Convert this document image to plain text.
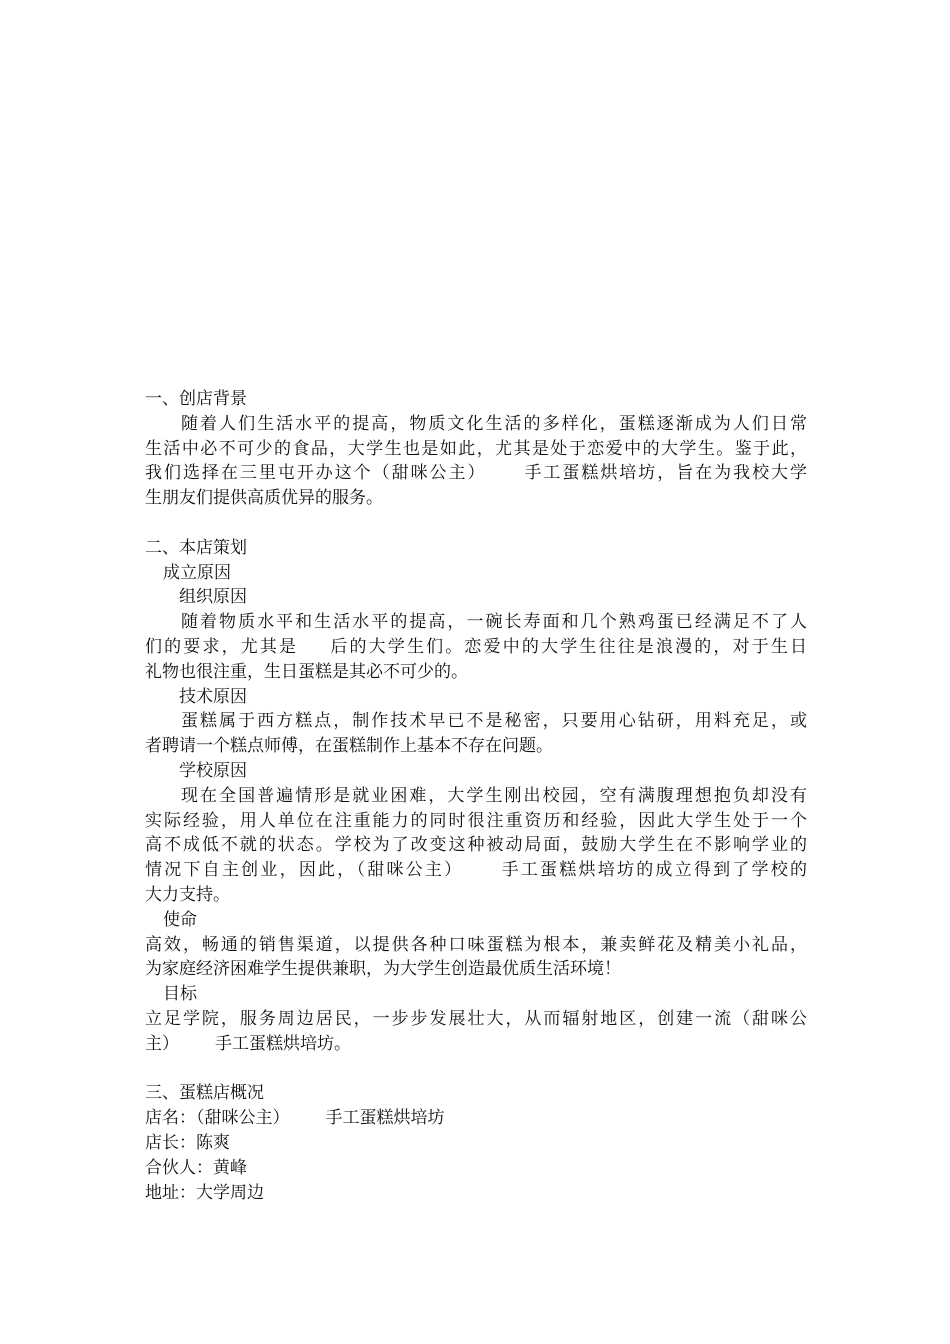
一、创店背景
随着人们生活水平的提高，物质文化生活的多样化，蛋糕逐渐成为人们日常
生活中必不可少的食品，大学生也是如此，尤其是处于恋爱中的大学生。鉴于此，
我们选择在三里屯开办这个（甜咪公主） 手工蛋糕烘培坊，旨在为我校大学
生朋友们提供高质优异的服务。
二、本店策划
成立原因
组织原因
随着物质水平和生活水平的提高，一碗长寿面和几个熟鸡蛋已经满足不了人
们的要求，尤其是 后的大学生们。恋爱中的大学生往往是浪漫的，对于生日
礼物也很注重，生日蛋糕是其必不可少的。
技术原因
蛋糕属于西方糕点，制作技术早已不是秘密，只要用心钻研，用料充足，或
者聘请一个糕点师傅，在蛋糕制作上基本不存在问题。
学校原因
现在全国普遍情形是就业困难，大学生刚出校园，空有满腹理想抱负却没有
实际经验，用人单位在注重能力的同时很注重资历和经验，因此大学生处于一个
高不成低不就的状态。学校为了改变这种被动局面，鼓励大学生在不影响学业的
情况下自主创业，因此，（甜咪公主） 手工蛋糕烘培坊的成立得到了学校的
大力支持。
使命
高效，畅通的销售渠道，以提供各种口味蛋糕为根本，兼卖鲜花及精美小礼品，
为家庭经济困难学生提供兼职，为大学生创造最优质生活环境！
目标
立足学院，服务周边居民，一步步发展壮大，从而辐射地区，创建一流（甜咪公
主） 手工蛋糕烘培坊。
三、蛋糕店概况
店名：（甜咪公主） 手工蛋糕烘培坊
店长：陈爽
合伙人：黄峰
地址：大学周边
